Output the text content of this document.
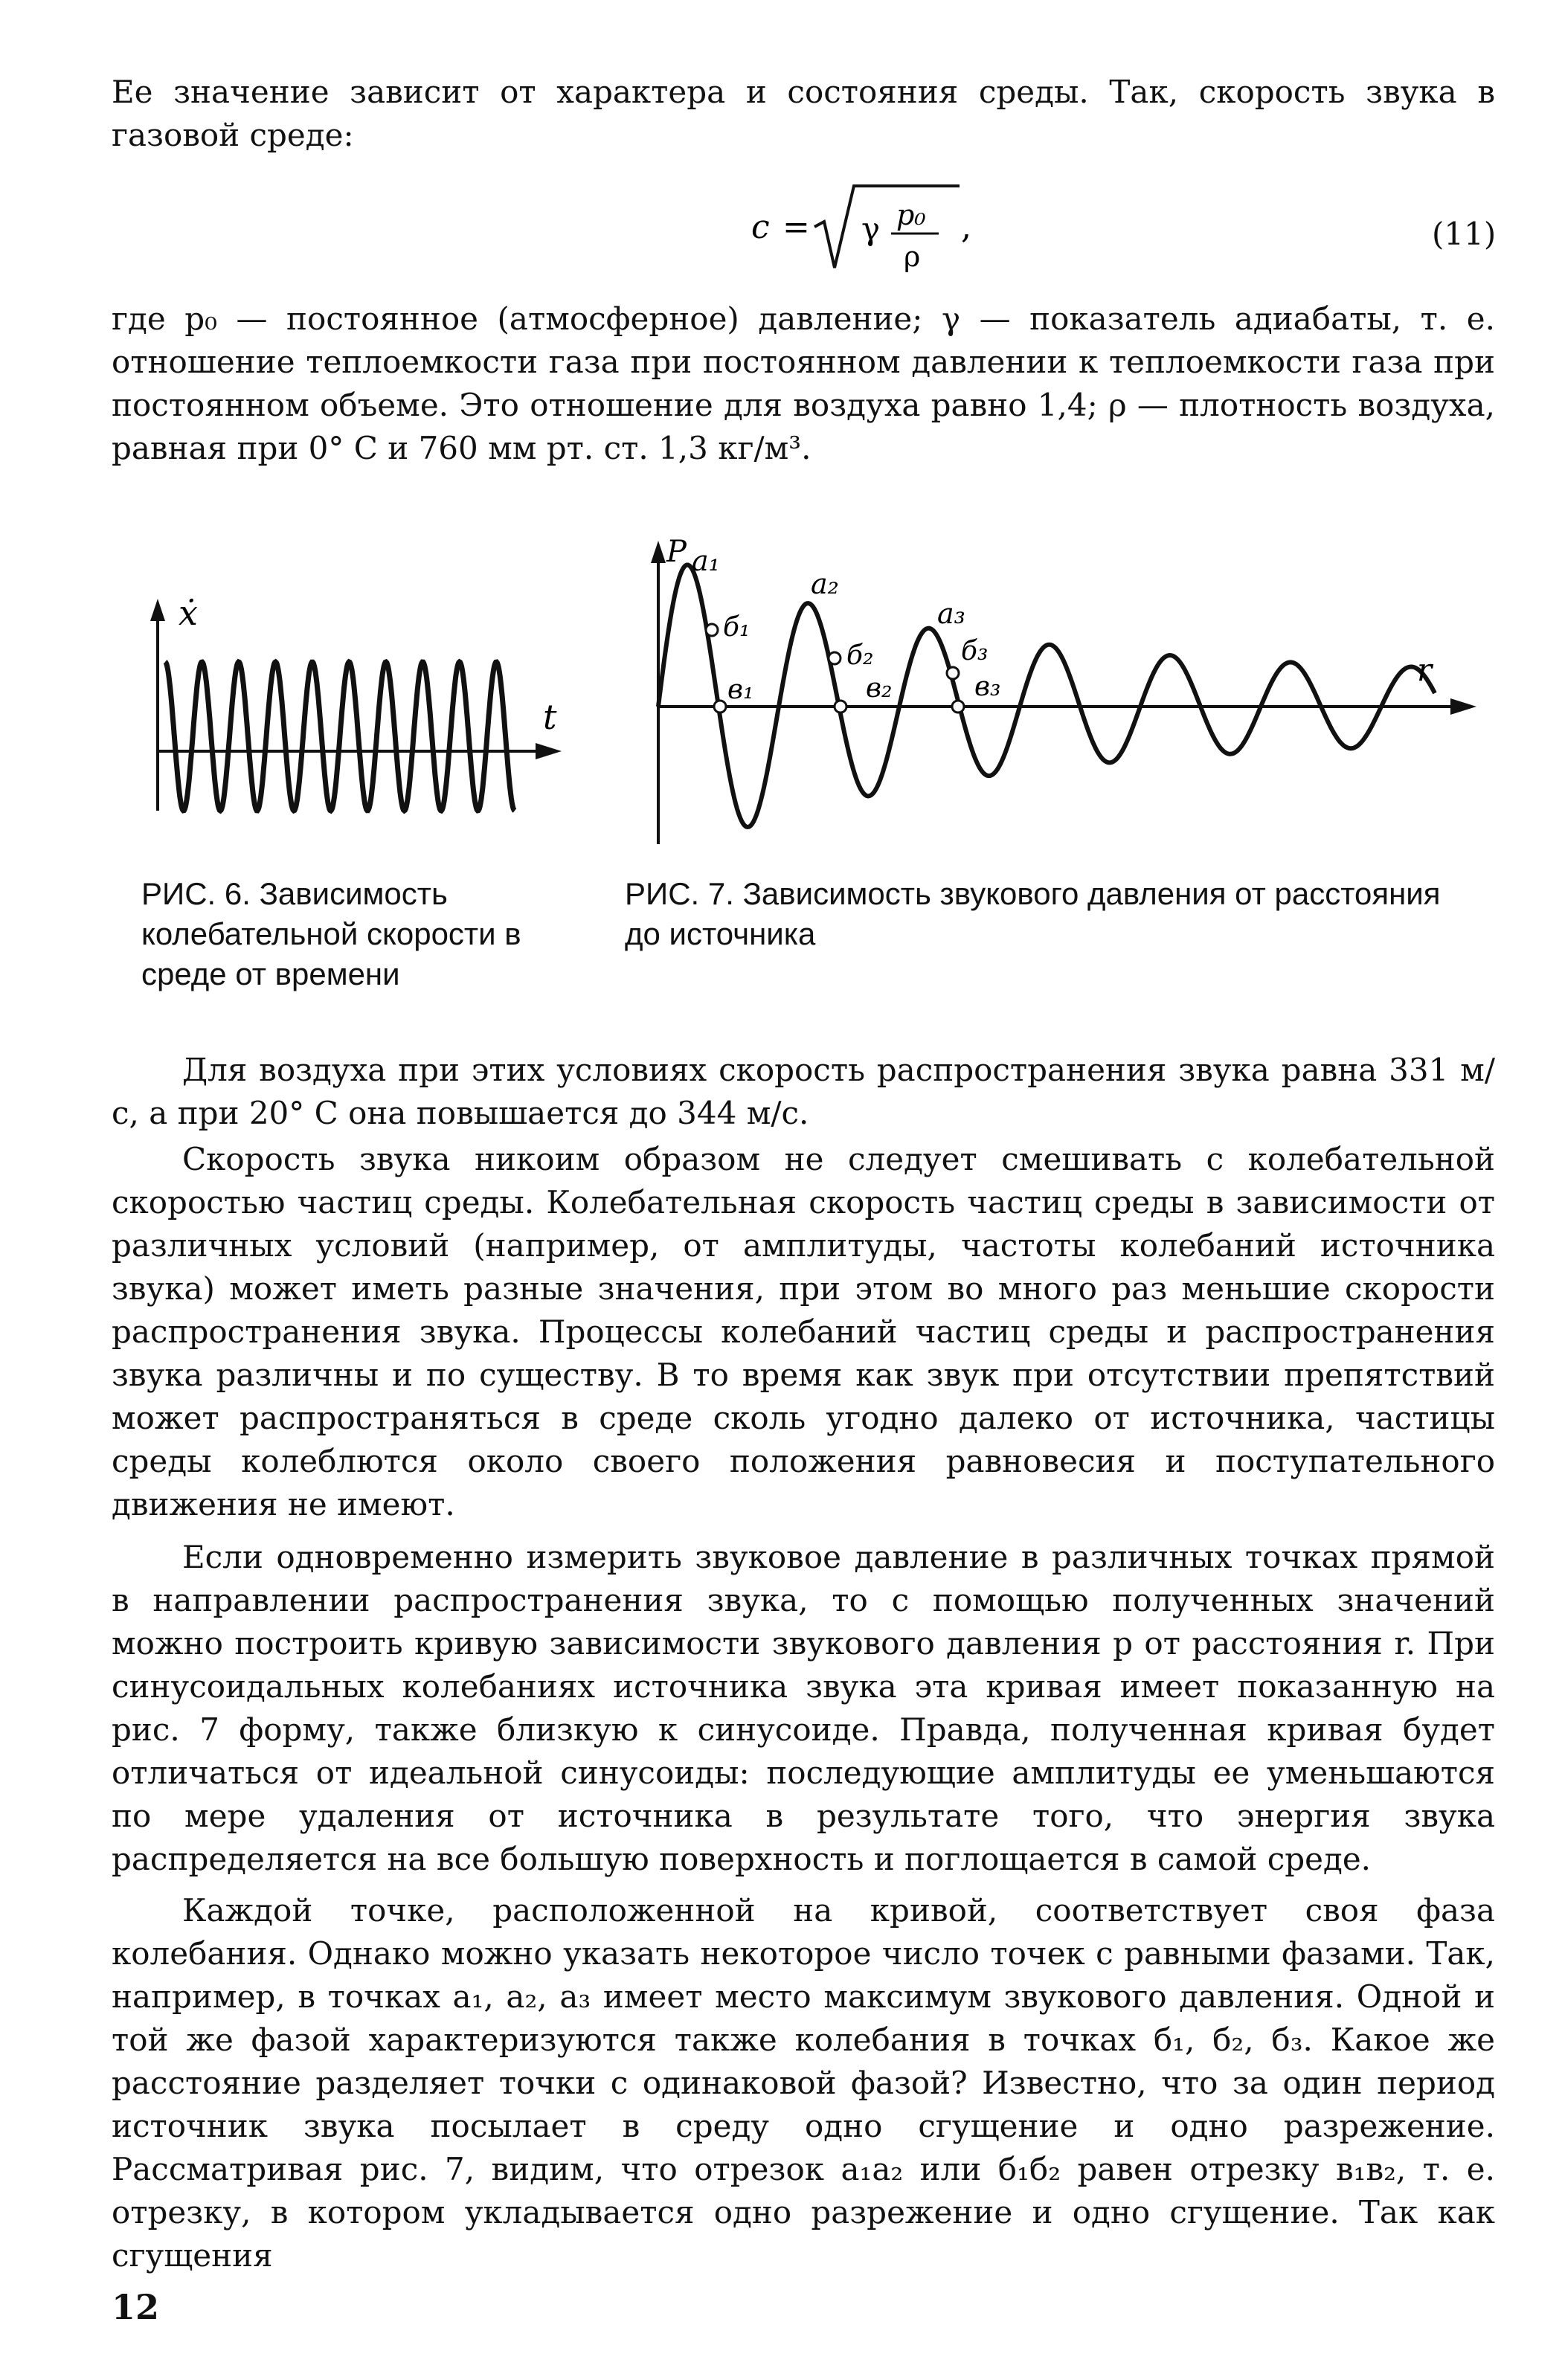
Ее значение зависит от характера и состояния среды. Так, скорость звука в газовой среде:

c = γ p₀
ρ
,	(11)

где p₀ — постоянное (атмосферное) давление; γ — показатель адиабаты, т. е. отношение теплоемкости газа при постоянном давлении к теплоемкости газа при постоянном объеме. Это отношение для воздуха равно 1,4; ρ — плотность воздуха, равная при 0° С и 760 мм рт. ст. 1,3 кг/м³.

ẋ
t

РИС. 6. Зависимость колебательной скорости в среде от времени

P
r
a₁
a₂
a₃
б₁
б₂	б₃
в₁	в₂	в₃

РИС. 7. Зависимость звукового давления от расстояния до источника

Для воздуха при этих условиях скорость распространения звука равна 331 м/с, а при 20° С она повышается до 344 м/с.

Скорость звука никоим образом не следует смешивать с колебательной скоростью частиц среды. Колебательная скорость частиц среды в зависимости от различных условий (например, от амплитуды, частоты колебаний источника звука) может иметь разные значения, при этом во много раз меньшие скорости распространения звука. Процессы колебаний частиц среды и распространения звука различны и по существу. В то время как звук при отсутствии препятствий может распространяться в среде сколь угодно далеко от источника, частицы среды колеблются около своего положения равновесия и поступательного движения не имеют.

Если одновременно измерить звуковое давление в различных точках прямой в направлении распространения звука, то с помощью полученных значений можно построить кривую зависимости звукового давления p от расстояния r. При синусоидальных колебаниях источника звука эта кривая имеет показанную на рис. 7 форму, также близкую к синусоиде. Правда, полученная кривая будет отличаться от идеальной синусоиды: последующие амплитуды ее уменьшаются по мере удаления от источника в результате того, что энергия звука распределяется на все большую поверхность и поглощается в самой среде.

Каждой точке, расположенной на кривой, соответствует своя фаза колебания. Однако можно указать некоторое число точек с равными фазами. Так, например, в точках a₁, a₂, a₃ имеет место максимум звукового давления. Одной и той же фазой характеризуются также колебания в точках б₁, б₂, б₃. Какое же расстояние разделяет точки с одинаковой фазой? Известно, что за один период источник звука посылает в среду одно сгущение и одно разрежение. Рассматривая рис. 7, видим, что отрезок a₁a₂ или б₁б₂ равен отрезку в₁в₂, т. е. отрезку, в котором укладывается одно разрежение и одно сгущение. Так как сгущения

12
